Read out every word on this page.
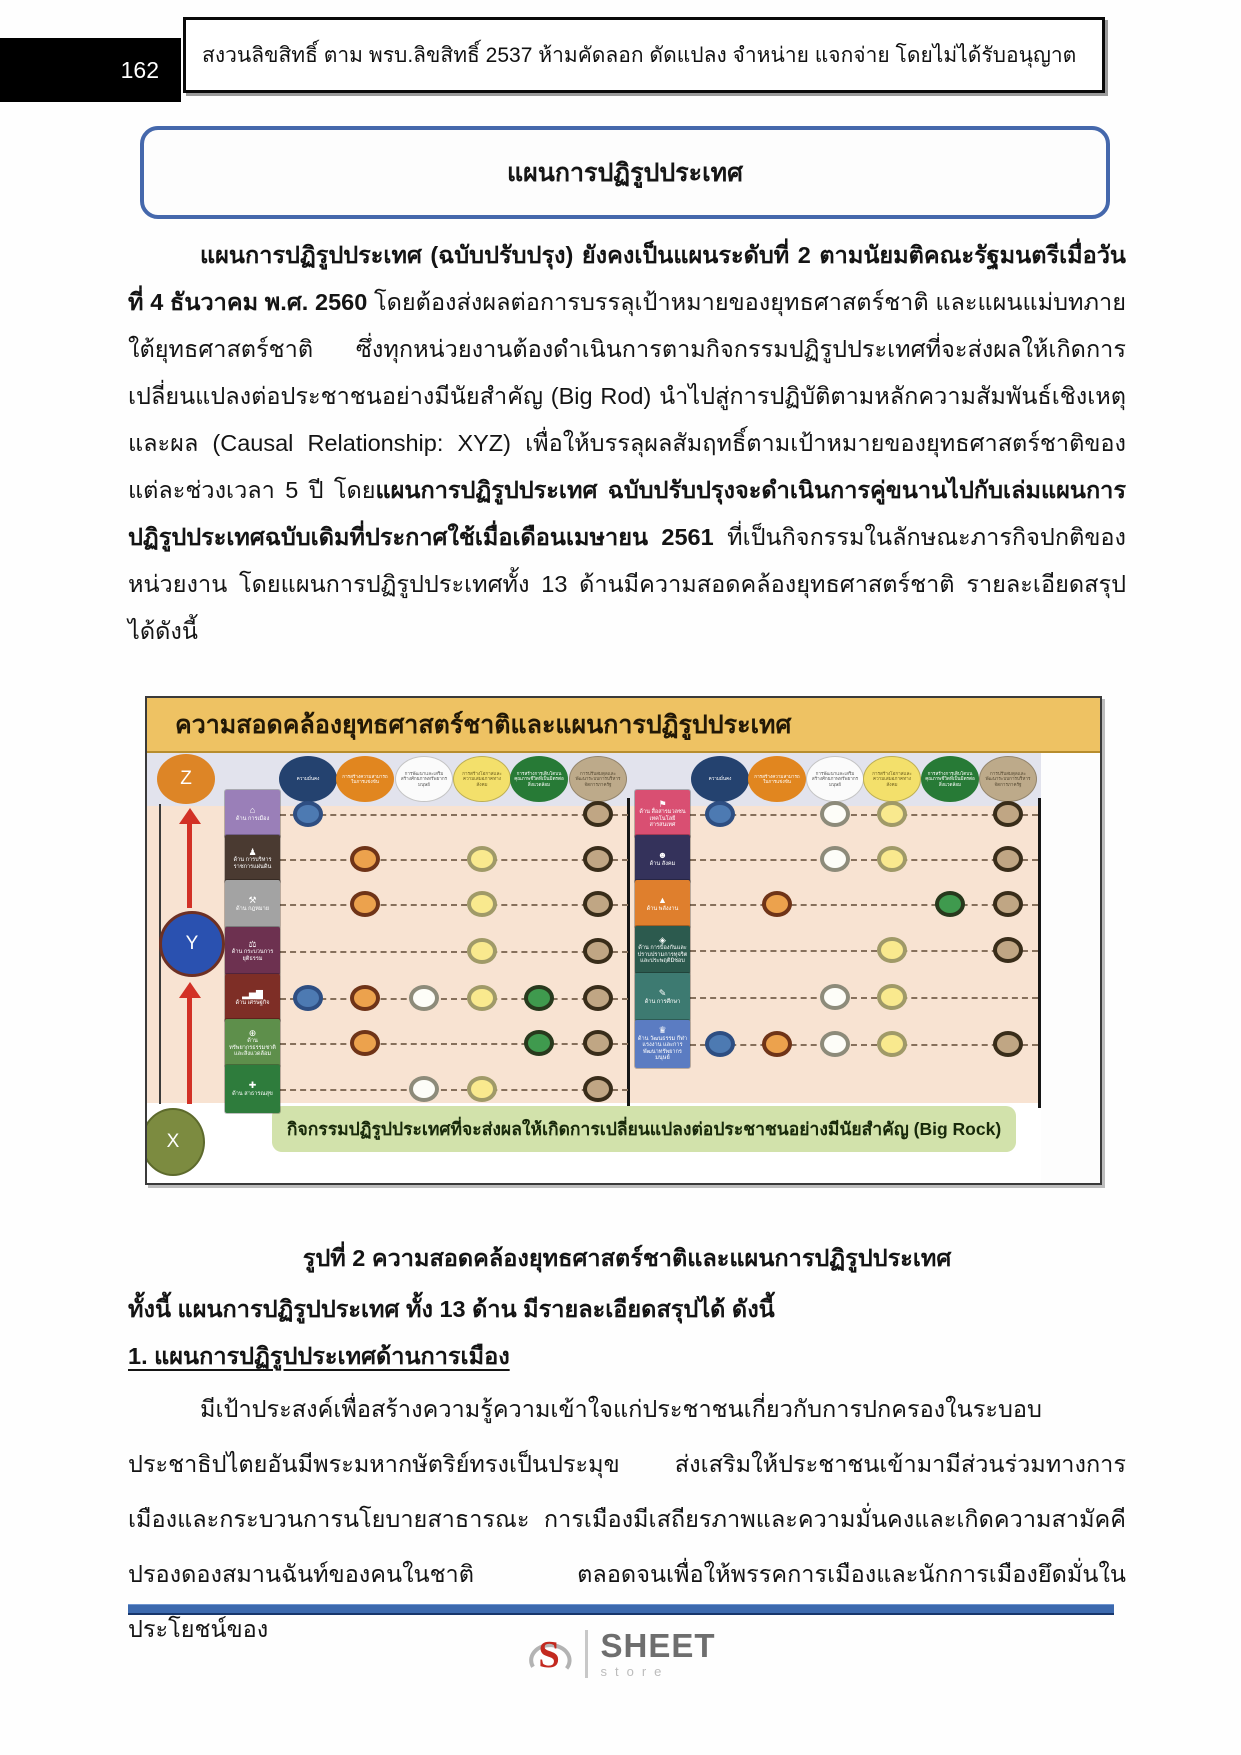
162
สงวนลิขสิทธิ์ ตาม พรบ.ลิขสิทธิ์ 2537 ห้ามคัดลอก ดัดแปลง จำหน่าย แจกจ่าย โดยไม่ได้รับอนุญาต
แผนการปฏิรูปประเทศ
แผนการปฏิรูปประเทศ (ฉบับปรับปรุง) ยังคงเป็นแผนระดับที่ 2 ตามนัยมติคณะรัฐมนตรีเมื่อวันที่ 4 ธันวาคม พ.ศ. 2560 โดยต้องส่งผลต่อการบรรลุเป้าหมายของยุทธศาสตร์ชาติ และแผนแม่บทภายใต้ยุทธศาสตร์ชาติ ซึ่งทุกหน่วยงานต้องดำเนินการตามกิจกรรมปฏิรูปประเทศที่จะส่งผลให้เกิดการเปลี่ยนแปลงต่อประชาชนอย่างมีนัยสำคัญ (Big Rod) นำไปสู่การปฏิบัติตามหลักความสัมพันธ์เชิงเหตุและผล (Causal Relationship: XYZ) เพื่อให้บรรลุผลสัมฤทธิ์ตามเป้าหมายของยุทธศาสตร์ชาติของแต่ละช่วงเวลา 5 ปี โดยแผนการปฏิรูปประเทศ ฉบับปรับปรุงจะดำเนินการคู่ขนานไปกับเล่มแผนการปฏิรูปประเทศฉบับเดิมที่ประกาศใช้เมื่อเดือนเมษายน 2561 ที่เป็นกิจกรรมในลักษณะภารกิจปกติของหน่วยงาน โดยแผนการปฏิรูปประเทศทั้ง 13 ด้านมีความสอดคล้องยุทธศาสตร์ชาติ รายละเอียดสรุปได้ดังนี้
ความสอดคล้องยุทธศาสตร์ชาติและแผนการปฏิรูปประเทศ
Z
Y
X
กิจกรรมปฏิรูปประเทศที่จะส่งผลให้เกิดการเปลี่ยนแปลงต่อประชาชนอย่างมีนัยสำคัญ (Big Rock)
ความมั่นคง	ความมั่นคง
การสร้างความสามารถในการแข่งขัน
การสร้างความสามารถในการแข่งขัน
การพัฒนาและเสริมสร้างศักยภาพทรัพยากรมนุษย์
การพัฒนาและเสริมสร้างศักยภาพทรัพยากรมนุษย์
การสร้างโอกาสและความเสมอภาคทางสังคม
การสร้างโอกาสและความเสมอภาคทางสังคม
การสร้างการเติบโตบนคุณภาพชีวิตที่เป็นมิตรต่อสิ่งแวดล้อม
การสร้างการเติบโตบนคุณภาพชีวิตที่เป็นมิตรต่อสิ่งแวดล้อม
การปรับสมดุลและพัฒนาระบบการบริหารจัดการภาครัฐ
การปรับสมดุลและพัฒนาระบบการบริหารจัดการภาครัฐ
⌂
ด้าน การเมือง
♟
ด้าน การบริหารราชการแผ่นดิน
⚒
ด้าน กฎหมาย
⚖
ด้าน กระบวนการยุติธรรม
▂▅▇
ด้าน เศรษฐกิจ
⊕
ด้าน ทรัพยากรธรรมชาติและสิ่งแวดล้อม
✚
ด้าน สาธารณสุข
⚑
ด้าน สื่อสารมวลชน เทคโนโลยีสารสนเทศ
☻
ด้าน สังคม
▲
ด้าน พลังงาน
◈
ด้าน การป้องกันและปราบปรามการทุจริตและประพฤติมิชอบ
✎
ด้าน การศึกษา
♛
ด้าน วัฒนธรรม กีฬา แรงงาน และการพัฒนาทรัพยากรมนุษย์
รูปที่ 2 ความสอดคล้องยุทธศาสตร์ชาติและแผนการปฏิรูปประเทศ
ทั้งนี้ แผนการปฏิรูปประเทศ ทั้ง 13 ด้าน มีรายละเอียดสรุปได้ ดังนี้
1. แผนการปฏิรูปประเทศด้านการเมือง
มีเป้าประสงค์เพื่อสร้างความรู้ความเข้าใจแก่ประชาชนเกี่ยวกับการปกครองในระบอบประชาธิปไตยอันมีพระมหากษัตริย์ทรงเป็นประมุข ส่งเสริมให้ประชาชนเข้ามามีส่วนร่วมทางการเมืองและกระบวนการนโยบายสาธารณะ การเมืองมีเสถียรภาพและความมั่นคงและเกิดความสามัคคีปรองดองสมานฉันท์ของคนในชาติ ตลอดจนเพื่อให้พรรคการเมืองและนักการเมืองยึดมั่นในประโยชน์ของ
S SHEET
store
